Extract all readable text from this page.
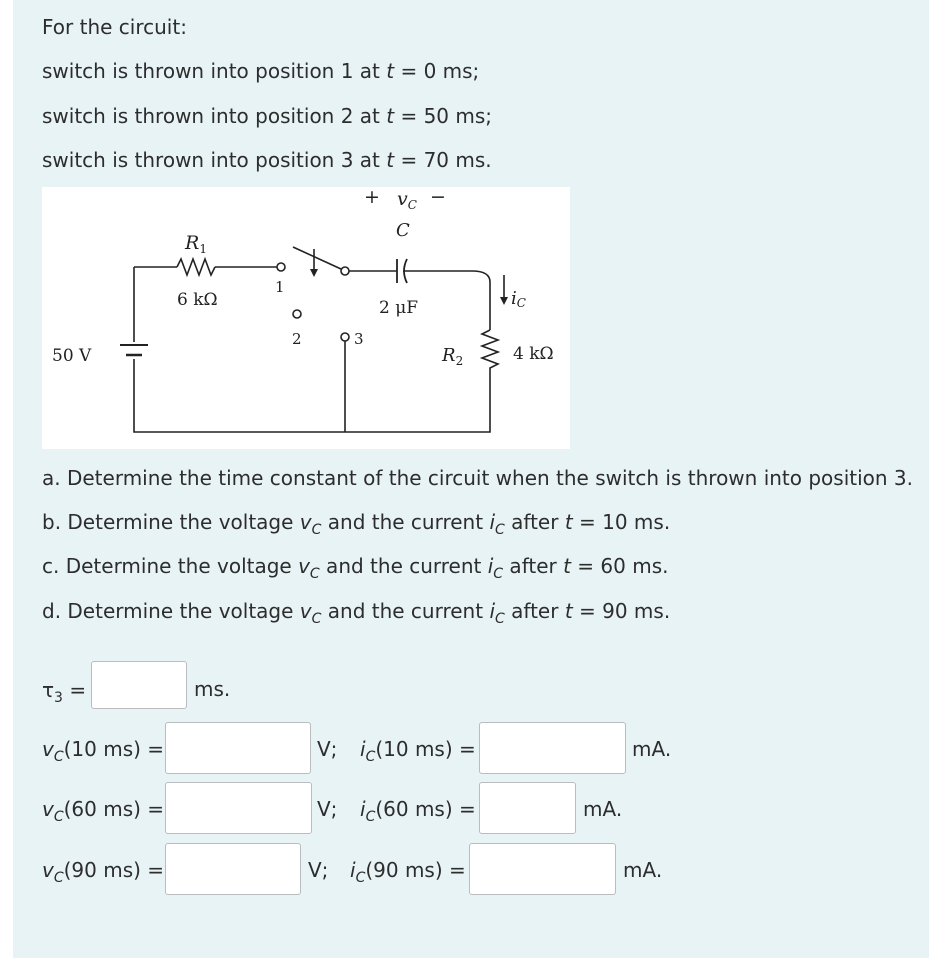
For the circuit:
switch is thrown into position 1 at t = 0 ms;
switch is thrown into position 2 at t = 50 ms;
switch is thrown into position 3 at t = 70 ms.
50 V
$R_1$
6 kΩ
+ $v_C$ −
C
2 μF
1
2	3
$R_2$	4 kΩ
iC
a. Determine the time constant of the circuit when the switch is thrown into position 3.
b. Determine the voltage $v_C$ and the current $i_C$ after t = 10 ms.
c. Determine the voltage $v_C$ and the current $i_C$ after t = 60 ms.
d. Determine the voltage $v_C$ and the current $i_C$ after t = 90 ms.
$\tau_3$ =	ms.
$v_C(10$ ms) =	V; $i_C(10$ ms) =	mA.
$v_C(60$ ms) =	V; $i_C(60$ ms) =	mA.
$v_C(90$ ms) =	V; $i_C(90$ ms) =	mA.
